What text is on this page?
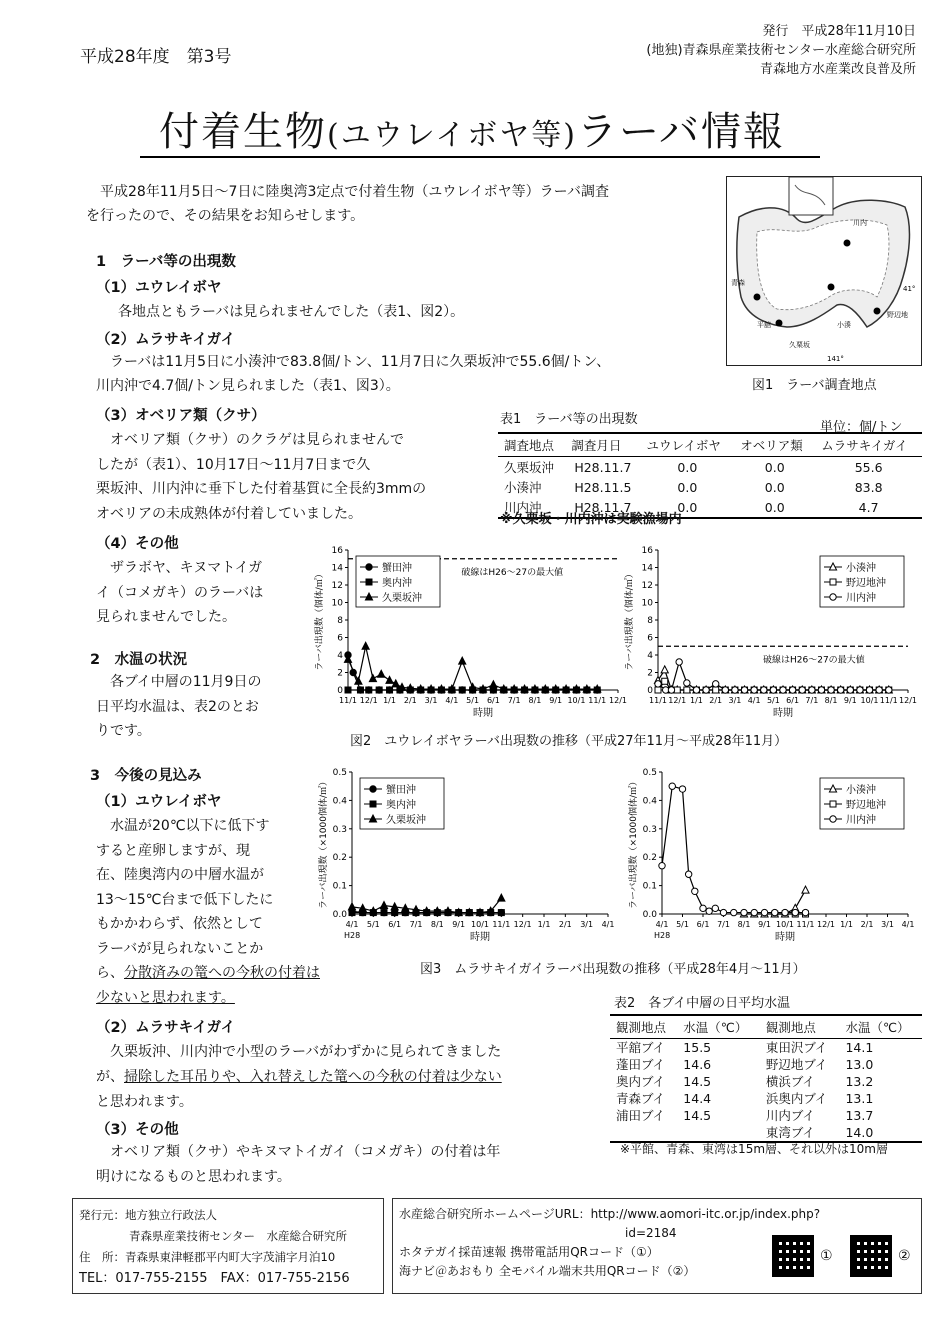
平成28年度　第3号
発行　平成28年11月10日
(地独)青森県産業技術センター水産総合研究所
青森地方水産業改良普及所
付着生物(ユウレイボヤ等)ラーバ情報
　平成28年11月5日～7日に陸奥湾3定点で付着生物（ユウレイボヤ等）ラーバ調査
を行ったので、その結果をお知らせします。	川内
野辺地
久栗坂
小湊
青森
平舘
41°
141°
図1　ラーバ調査地点
1　ラーバ等の出現数
（1）ユウレイボヤ
各地点ともラーバは見られませんでした（表1、図2）。
（2）ムラサキイガイ
　ラーバは11月5日に小湊沖で83.8個/トン、11月7日に久栗坂沖で55.6個/トン、
川内沖で4.7個/トン見られました（表1、図3）。
（3）オベリア類（クサ）
　オベリア類（クサ）のクラゲは見られませんで
したが（表1）、10月17日～11月7日まで久
栗坂沖、川内沖に垂下した付着基質に全長約3mmの
オベリアの未成熟体が付着していました。
表1　ラーバ等の出現数
単位：個/トン
調査地点	調査月日	ユウレイボヤ	オベリア類	ムラサキイガイ
久栗坂沖	H28.11.7	0.0	0.0	55.6
小湊沖	H28.11.5	0.0	0.0	83.8
川内沖	H28.11.7	0.0	0.0	4.7
※久栗坂・川内沖は実験漁場内
（4）その他
　ザラボヤ、キヌマトイガ
イ（コメガキ）のラーバは
見られませんでした。
2　水温の状況
　各ブイ中層の11月9日の
日平均水温は、表2のとお
りです。
0
2
4
6
8
10
12
14
16
11/1 12/1 1/1 2/1 3/1 4/1 5/1 6/1 7/1 8/1 9/1 10/1 11/1 12/1
時期
ラーバ出現数（個体/㎥）	破線はH26～27の最大値
蟹田沖
奥内沖
久栗坂沖
0
2
4
6
8
10
12
14
16
11/1 12/1 1/1 2/1 3/1 4/1 5/1 6/1 7/1 8/1 9/1 10/1 11/1 12/1
時期
ラーバ出現数（個体/㎥）	破線はH26～27の最大値
小湊沖
野辺地沖
川内沖
図2　ユウレイボヤラーバ出現数の推移（平成27年11月～平成28年11月）
0.0
0.1
0.2
0.3
0.4
0.5
4/1 5/1 6/1 7/1 8/1 9/1 10/1 11/1 12/1 1/1 2/1 3/1 4/1
時期
H28
ラーバ出現数（×1000個体/㎥）	蟹田沖
奥内沖
久栗坂沖
0.0
0.1
0.2
0.3
0.4
0.5
4/1 5/1 6/1 7/1 8/1 9/1 10/1 11/1 12/1 1/1 2/1 3/1 4/1
時期
H28
ラーバ出現数（×1000個体/㎥）	小湊沖
野辺地沖
川内沖
図3　ムラサキイガイラーバ出現数の推移（平成28年4月～11月）
3　今後の見込み
（1）ユウレイボヤ
　水温が20℃以下に低下す
すると産卵しますが、現
在、陸奥湾内の中層水温が
13～15℃台まで低下したに
もかかわらず、依然として
ラーバが見られないことか
ら、分散済みの篭への今秋の付着は
少ないと思われます。
（2）ムラサキイガイ
　久栗坂沖、川内沖で小型のラーバがわずかに見られてきました
が、掃除した耳吊りや、入れ替えした篭への今秋の付着は少ない
と思われます。
（3）その他
　オベリア類（クサ）やキヌマトイガイ（コメガキ）の付着は年
明けになるものと思われます。
表2　各ブイ中層の日平均水温
観測地点	水温（℃）	観測地点	水温（℃）
平舘ブイ	15.5	東田沢ブイ	14.1
蓬田ブイ	14.6	野辺地ブイ	13.0
奥内ブイ	14.5	横浜ブイ	13.2
青森ブイ	14.4	浜奥内ブイ	13.1
浦田ブイ	14.5	川内ブイ	13.7
		東湾ブイ	14.0
※平館、青森、東湾は15m層、それ以外は10m層
発行元：地方独立行政法人
青森県産業技術センター　水産総合研究所
住　所：青森県東津軽郡平内町大字茂浦字月泊10
TEL：017-755-2155　FAX：017-755-2156
水産総合研究所ホームページURL：http://www.aomori-itc.or.jp/index.php?
id=2184
ホタテガイ採苗速報 携帯電話用QRコード（①）
海ナビ＠あおもり 全モバイル端末共用QRコード（②）
①	②
